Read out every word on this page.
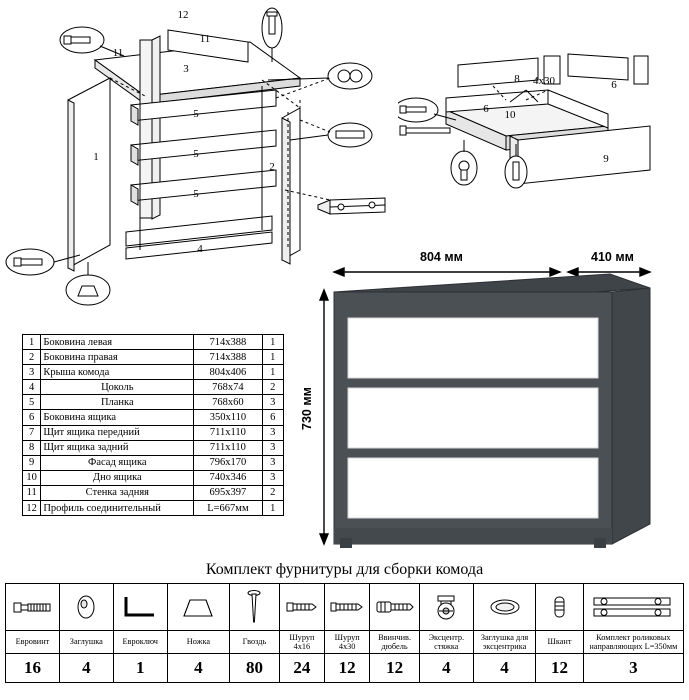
12
11
11
3
1
5
5
5
2
4
8 4х30
6
6
10
9
804 мм	410 мм
730 мм
1	Боковина левая	714х388	1
2	Боковина правая	714х388	1
3	Крыша комода	804х406	1
4	Цоколь	768х74	2
5	Планка	768х60	3
6	Боковина ящика	350х110	6
7	Щит ящика передний	711х110	3
8	Щит ящика задний	711х110	3
9	Фасад ящика	796х170	3
10	Дно ящика	740х346	3
11	Стенка задняя	695х397	2
12	Профиль соединительный	L=667мм	1
Комплект фурнитуры для сборки комода

Евровинт	Заглушка	Евроключ	Ножка	Гвоздь	Шуруп 4х16	Шуруп 4х30	Ввинчив. дюбель	Эксцентр. стяжка	Заглушка для эксцентрика	Шкант	Комплект роликовых направляющих L=350мм
16	4	1	4	80	24	12	12	4	4	12	3
